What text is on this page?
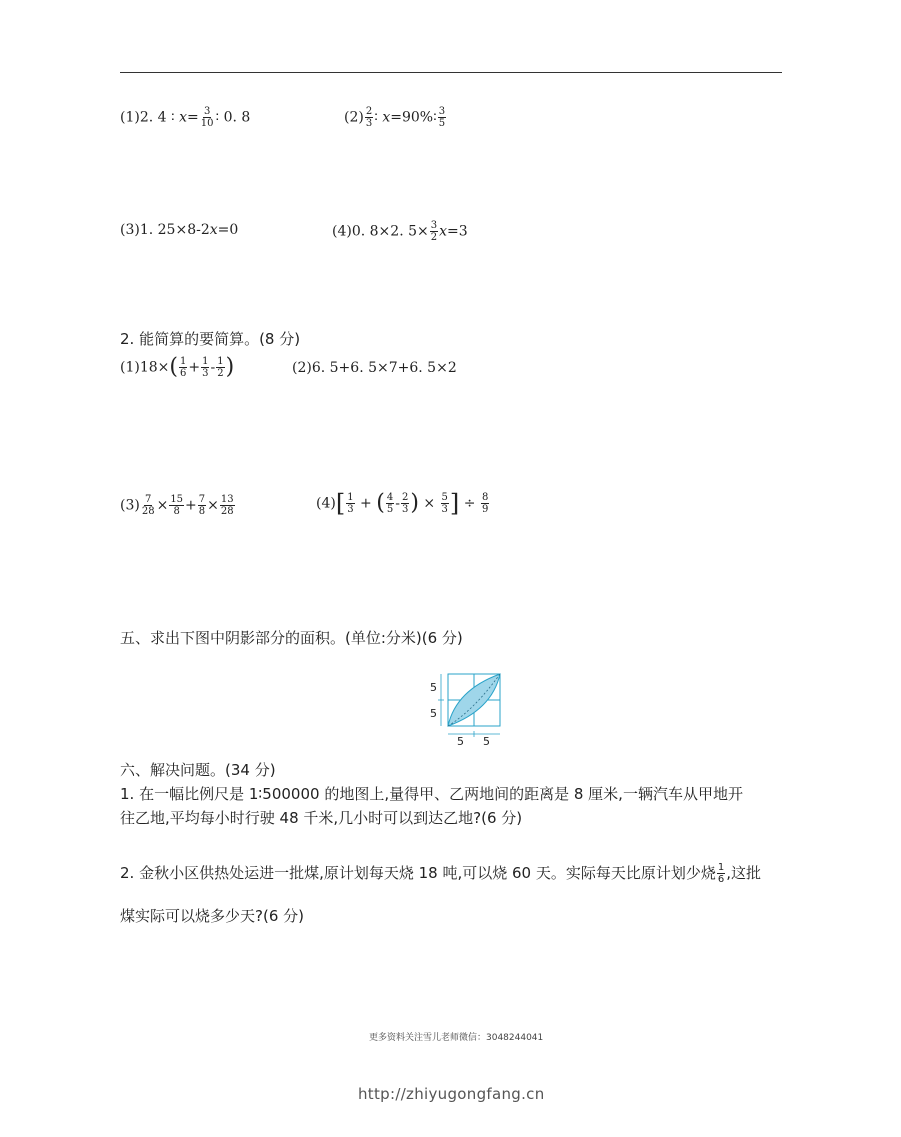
(1)2. 4 ∶ $x= \frac{3}{10}$ ∶ 0. 8	$(2) \frac{2}{3}$ ∶ x=90%∶ $\frac{3}{5}$
(3)1. 25×8-2x=0	(4)0. 8×2. $5\times \frac{3}{2} x=3$
2. 能简算的要简算。(8 分)
$(1)18\times( \frac{1}{6} + \frac{1}{3} - \frac{1}{2}$ )	(2)6. 5+6. 5×7+6. 5×2
$(3) \frac{7}{28} \times \frac{15}{8} + \frac{7}{8} \times \frac{13}{28}$	$(4)[ \frac{1}{3}$ + ( $\frac{4}{5} - \frac{2}{3}$ ) × $\frac{5}{3}$ ] ÷ $\frac{8}{9}$
五、求出下图中阴影部分的面积。(单位:分米)(6 分)
5
5
5 5
六、解决问题。(34 分)
1. 在一幅比例尺是 1∶500000 的地图上,量得甲、乙两地间的距离是 8 厘米,一辆汽车从甲地开
往乙地,平均每小时行驶 48 千米,几小时可以到达乙地?(6 分)
2. 金秋小区供热处运进一批煤,原计划每天烧 18 吨,可以烧 60 天。实际每天比原计划少烧 $\frac{1}{6}$ ,这批
煤实际可以烧多少天?(6 分)
更多资料关注雪儿老师微信：3048244041
http://zhiyugongfang.cn
